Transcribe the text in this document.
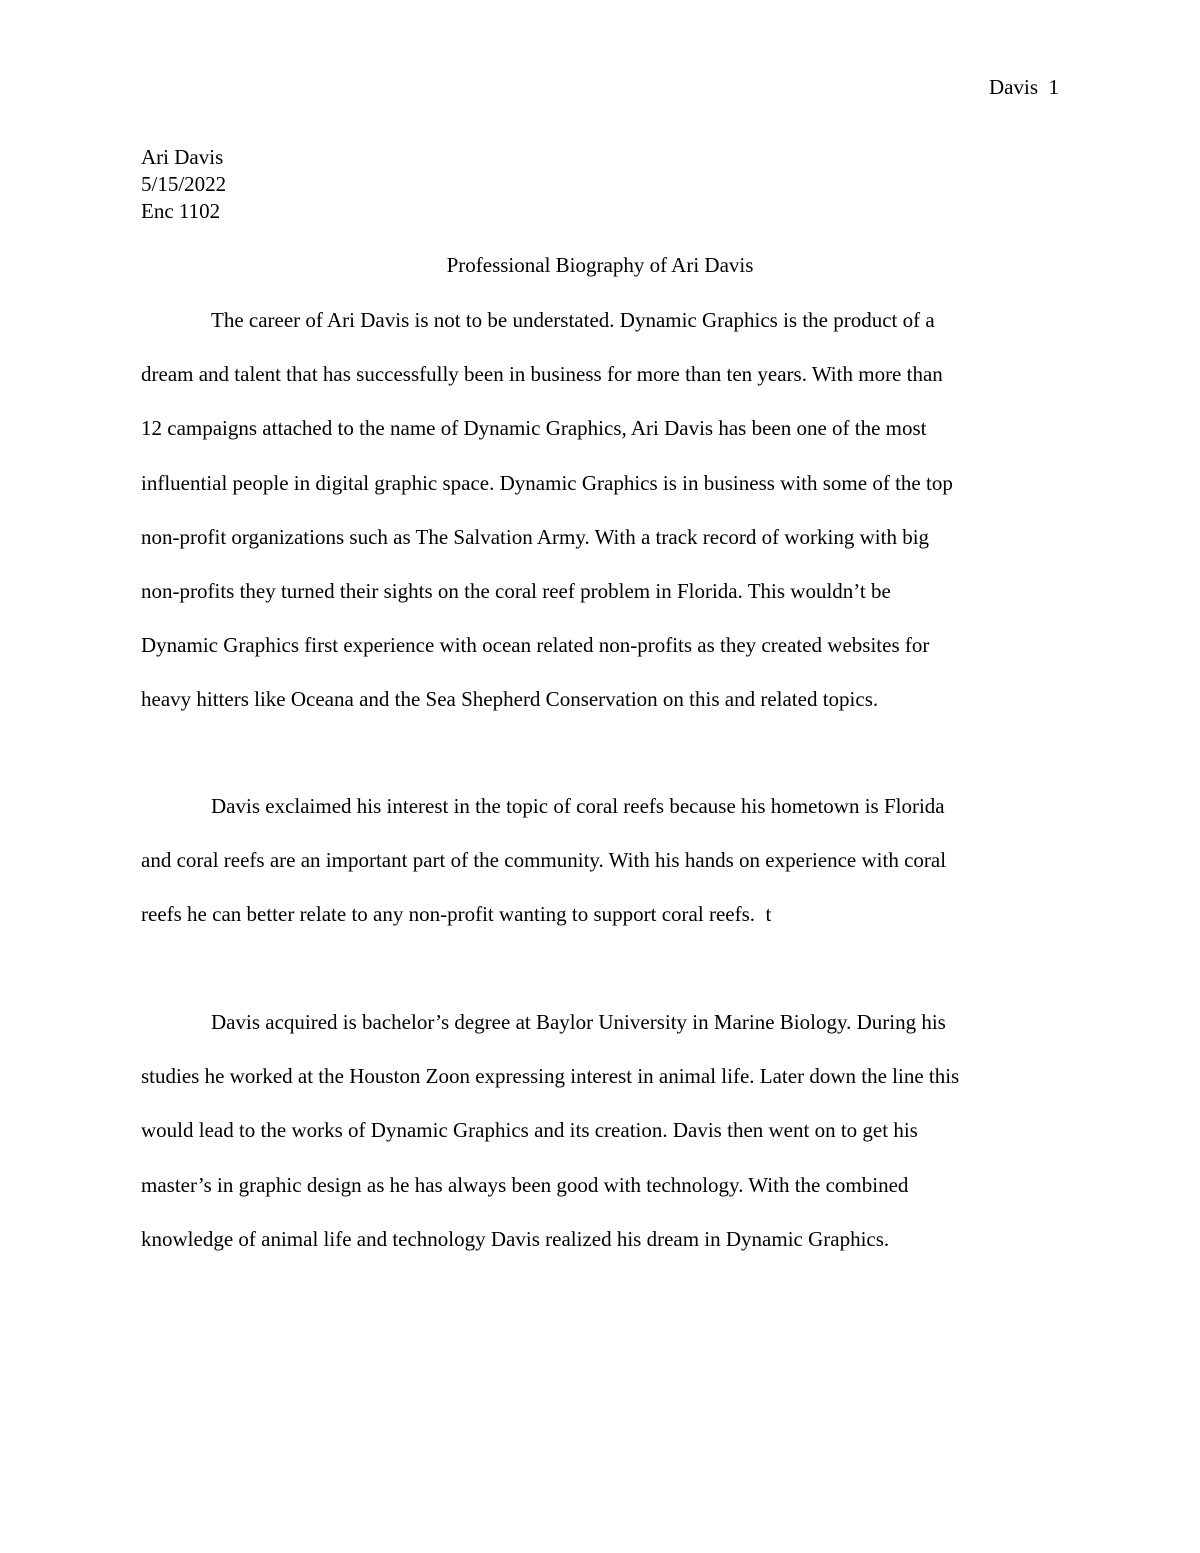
Davis  1
Ari Davis
5/15/2022
Enc 1102
Professional Biography of Ari Davis

The career of Ari Davis is not to be understated. Dynamic Graphics is the product of a
dream and talent that has successfully been in business for more than ten years. With more than
12 campaigns attached to the name of Dynamic Graphics, Ari Davis has been one of the most
influential people in digital graphic space. Dynamic Graphics is in business with some of the top
non-profit organizations such as The Salvation Army. With a track record of working with big
non-profits they turned their sights on the coral reef problem in Florida. This wouldn’t be
Dynamic Graphics first experience with ocean related non-profits as they created websites for
heavy hitters like Oceana and the Sea Shepherd Conservation on this and related topics.

Davis exclaimed his interest in the topic of coral reefs because his hometown is Florida
and coral reefs are an important part of the community. With his hands on experience with coral
reefs he can better relate to any non-profit wanting to support coral reefs.  t

Davis acquired is bachelor’s degree at Baylor University in Marine Biology. During his
studies he worked at the Houston Zoon expressing interest in animal life. Later down the line this
would lead to the works of Dynamic Graphics and its creation. Davis then went on to get his
master’s in graphic design as he has always been good with technology. With the combined
knowledge of animal life and technology Davis realized his dream in Dynamic Graphics.
